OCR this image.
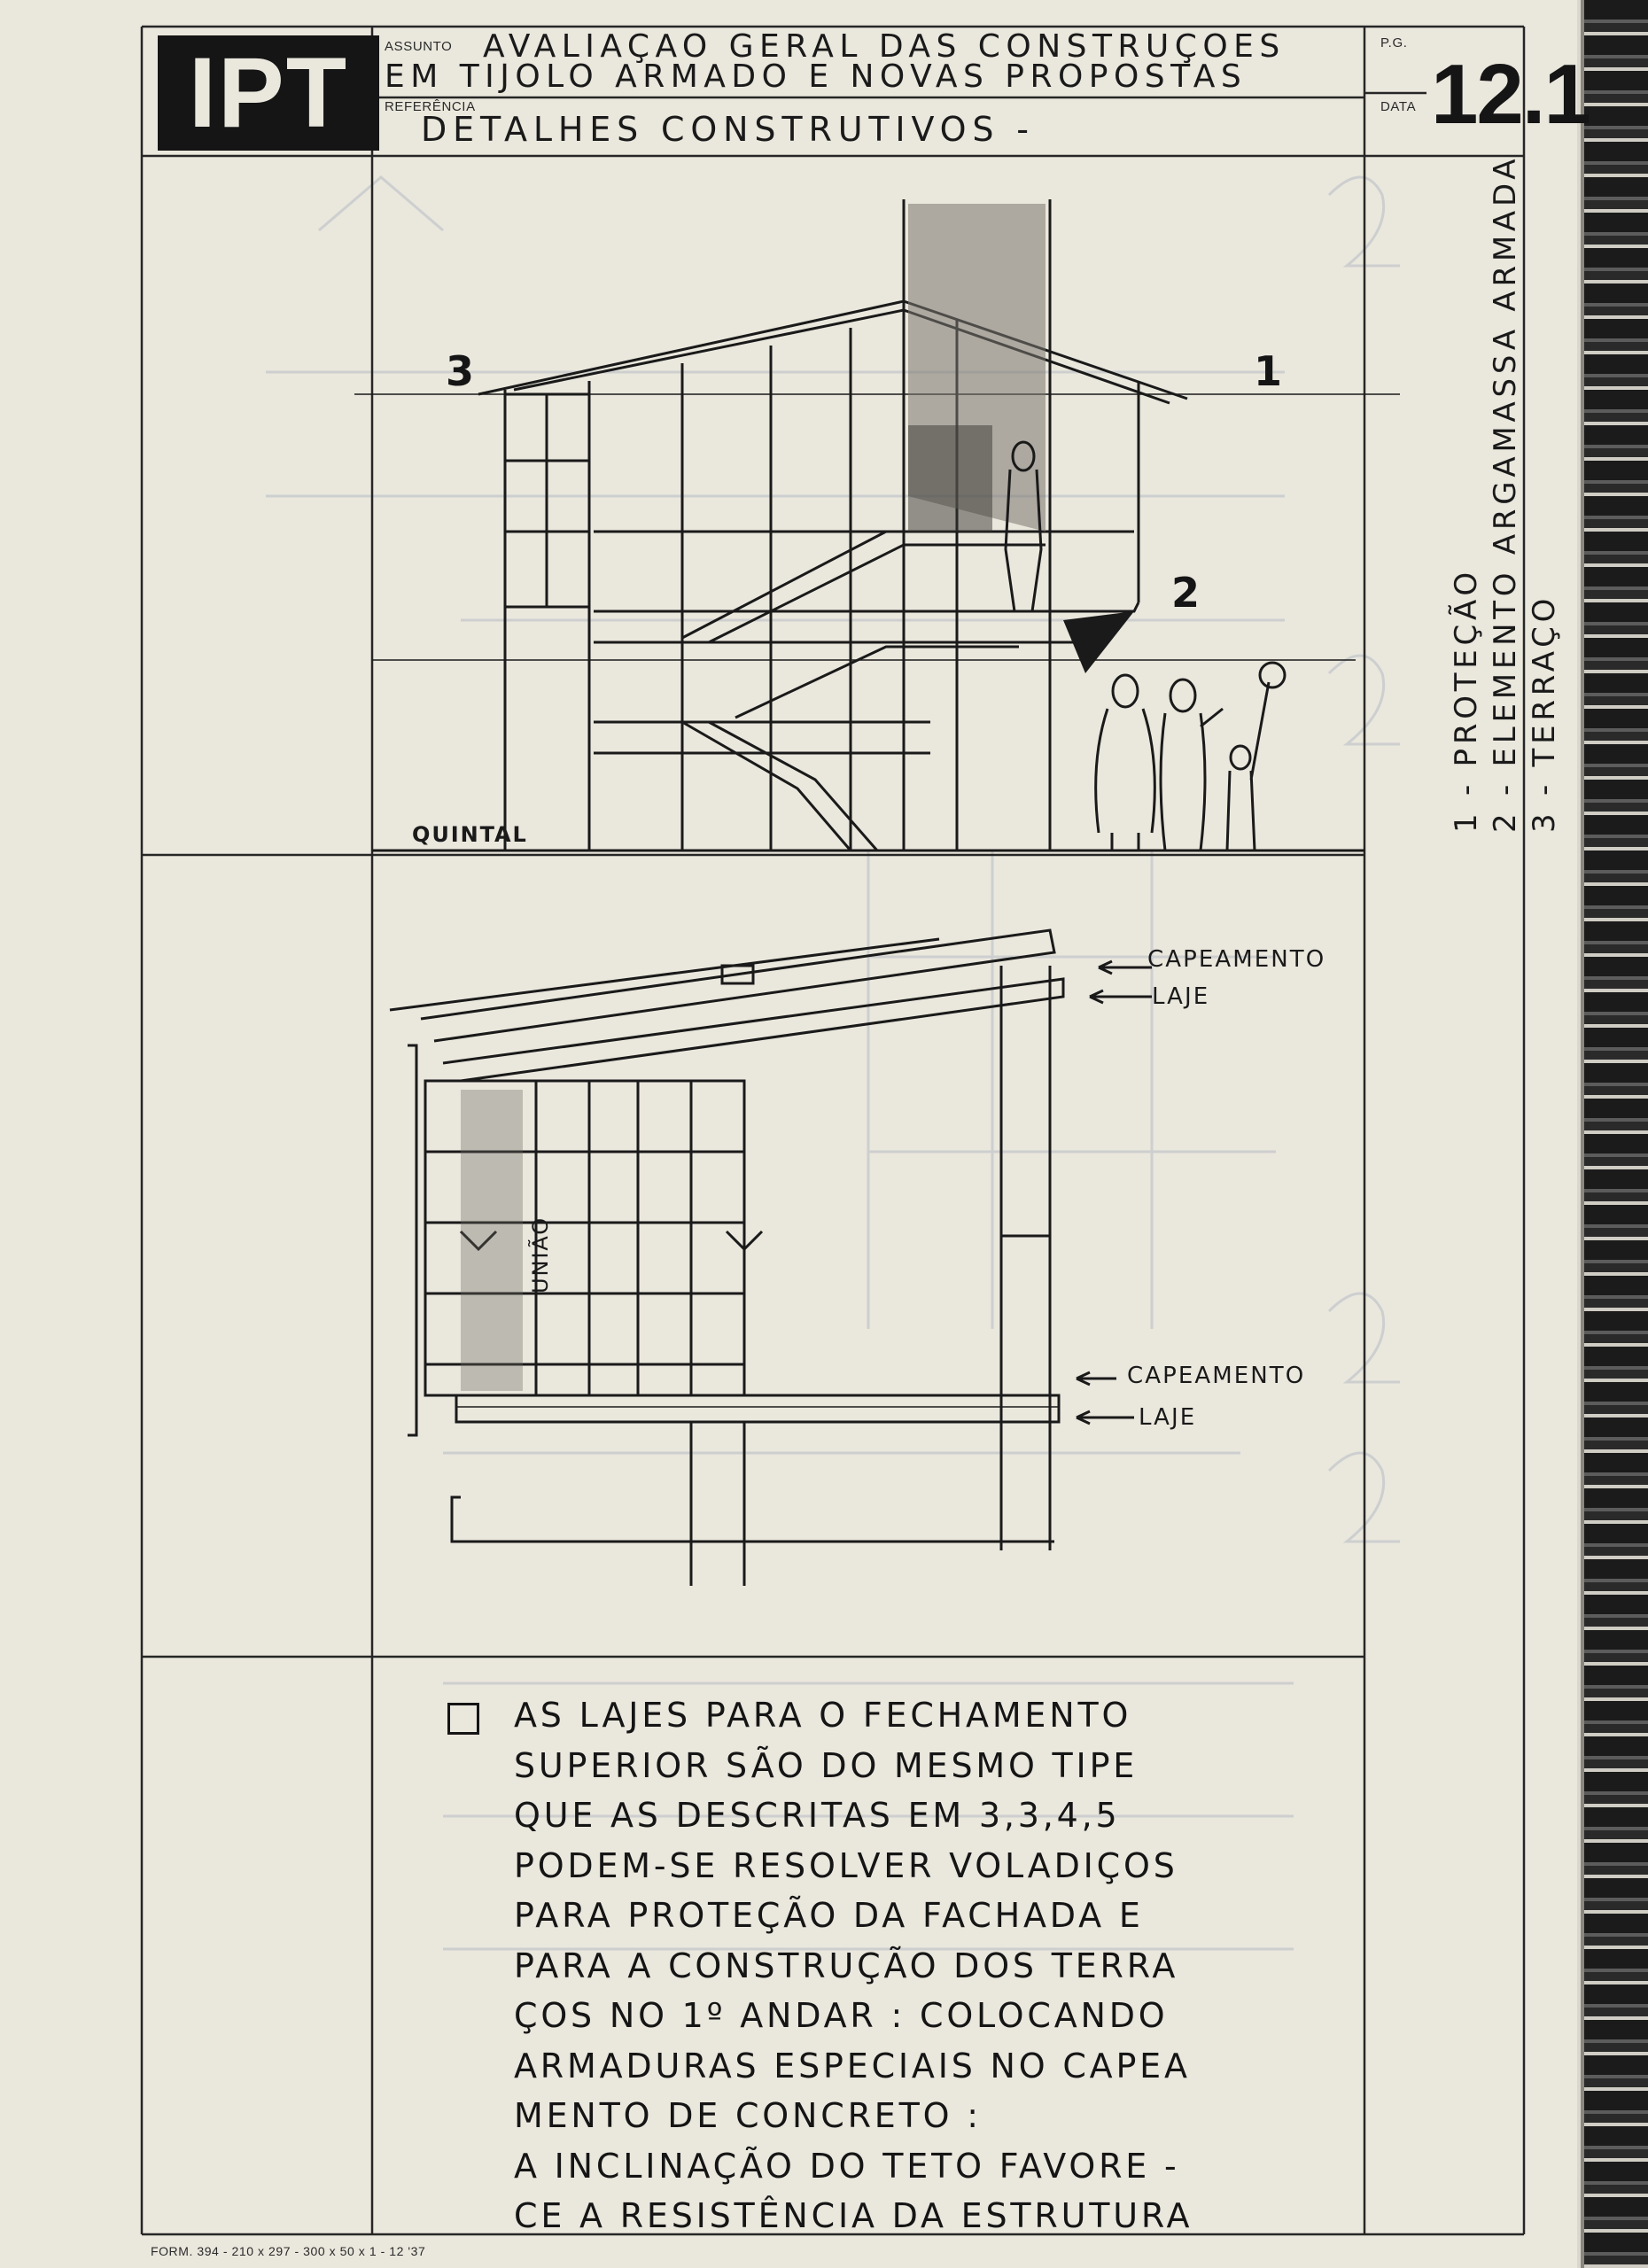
IPT	ASSUNTO AVALIAÇAO GERAL DAS CONSTRUÇOES
EM TIJOLO ARMADO E NOVAS PROPOSTAS
REFERÊNCIA
DETALHES CONSTRUTIVOS -
P.G.
DATA 12.1
3	1
2
QUINTAL
1 - PROTEÇÃO 2 - ELEMENTO ARGAMASSA ARMADA 3 - TERRAÇO
CAPEAMENTO
LAJE
UNIÃO
CAPEAMENTO
LAJE
AS LAJES PARA O FECHAMENTO
SUPERIOR SÃO DO MESMO TIPE
QUE AS DESCRITAS EM 3,3,4,5
PODEM-SE RESOLVER VOLADIÇOS
PARA PROTEÇÃO DA FACHADA E
PARA A CONSTRUÇÃO DOS TERRA
ÇOS NO 1º ANDAR : COLOCANDO
ARMADURAS ESPECIAIS NO CAPEA
MENTO DE CONCRETO :
A INCLINAÇÃO DO TETO FAVORE -
CE A RESISTÊNCIA DA ESTRUTURA
FORM. 394 - 210 x 297 - 300 x 50 x 1 - 12 '37
